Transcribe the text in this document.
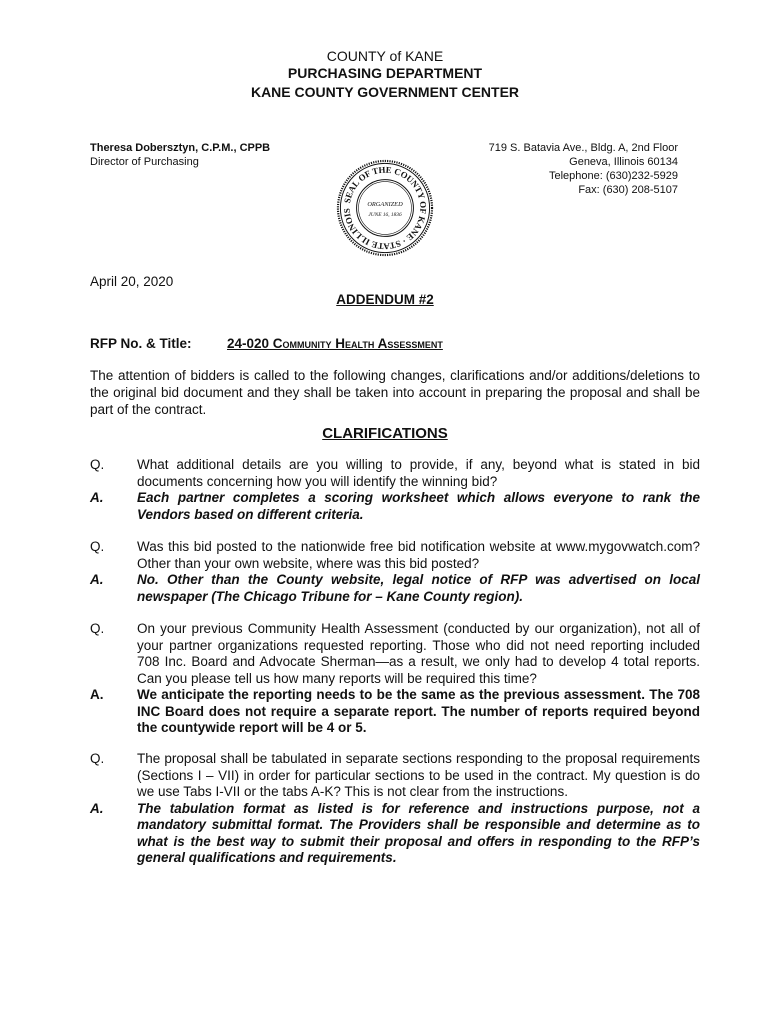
COUNTY of KANE
PURCHASING DEPARTMENT
KANE COUNTY GOVERNMENT CENTER
Theresa Dobersztyn, C.P.M., CPPB
Director of Purchasing
719 S. Batavia Ave., Bldg. A, 2nd Floor
Geneva, Illinois 60134
Telephone: (630)232-5929
Fax: (630) 208-5107
SEAL OF THE COUNTY OF KANE · STATE ILLINOIS
ORGANIZED
JUNE 16, 1836
April 20, 2020
ADDENDUM #2
RFP No. & Title:	24-020 Community Health Assessment
The attention of bidders is called to the following changes, clarifications and/or additions/deletions to the original bid document and they shall be taken into account in preparing the proposal and shall be part of the contract.
CLARIFICATIONS
Q.	What additional details are you willing to provide, if any, beyond what is stated in bid documents concerning how you will identify the winning bid?
A.	Each partner completes a scoring worksheet which allows everyone to rank the Vendors based on different criteria.
Q.	Was this bid posted to the nationwide free bid notification website at www.mygovwatch.com? Other than your own website, where was this bid posted?
A.	No. Other than the County website, legal notice of RFP was advertised on local newspaper (The Chicago Tribune for – Kane County region).
Q.	On your previous Community Health Assessment (conducted by our organization), not all of your partner organizations requested reporting. Those who did not need reporting included 708 Inc. Board and Advocate Sherman—as a result, we only had to develop 4 total reports. Can you please tell us how many reports will be required this time?
A.	We anticipate the reporting needs to be the same as the previous assessment. The 708 INC Board does not require a separate report. The number of reports required beyond the countywide report will be 4 or 5.
Q.	The proposal shall be tabulated in separate sections responding to the proposal requirements (Sections I – VII) in order for particular sections to be used in the contract. My question is do we use Tabs I-VII or the tabs A-K? This is not clear from the instructions.
A.	The tabulation format as listed is for reference and instructions purpose, not a mandatory submittal format. The Providers shall be responsible and determine as to what is the best way to submit their proposal and offers in responding to the RFP’s general qualifications and requirements.
